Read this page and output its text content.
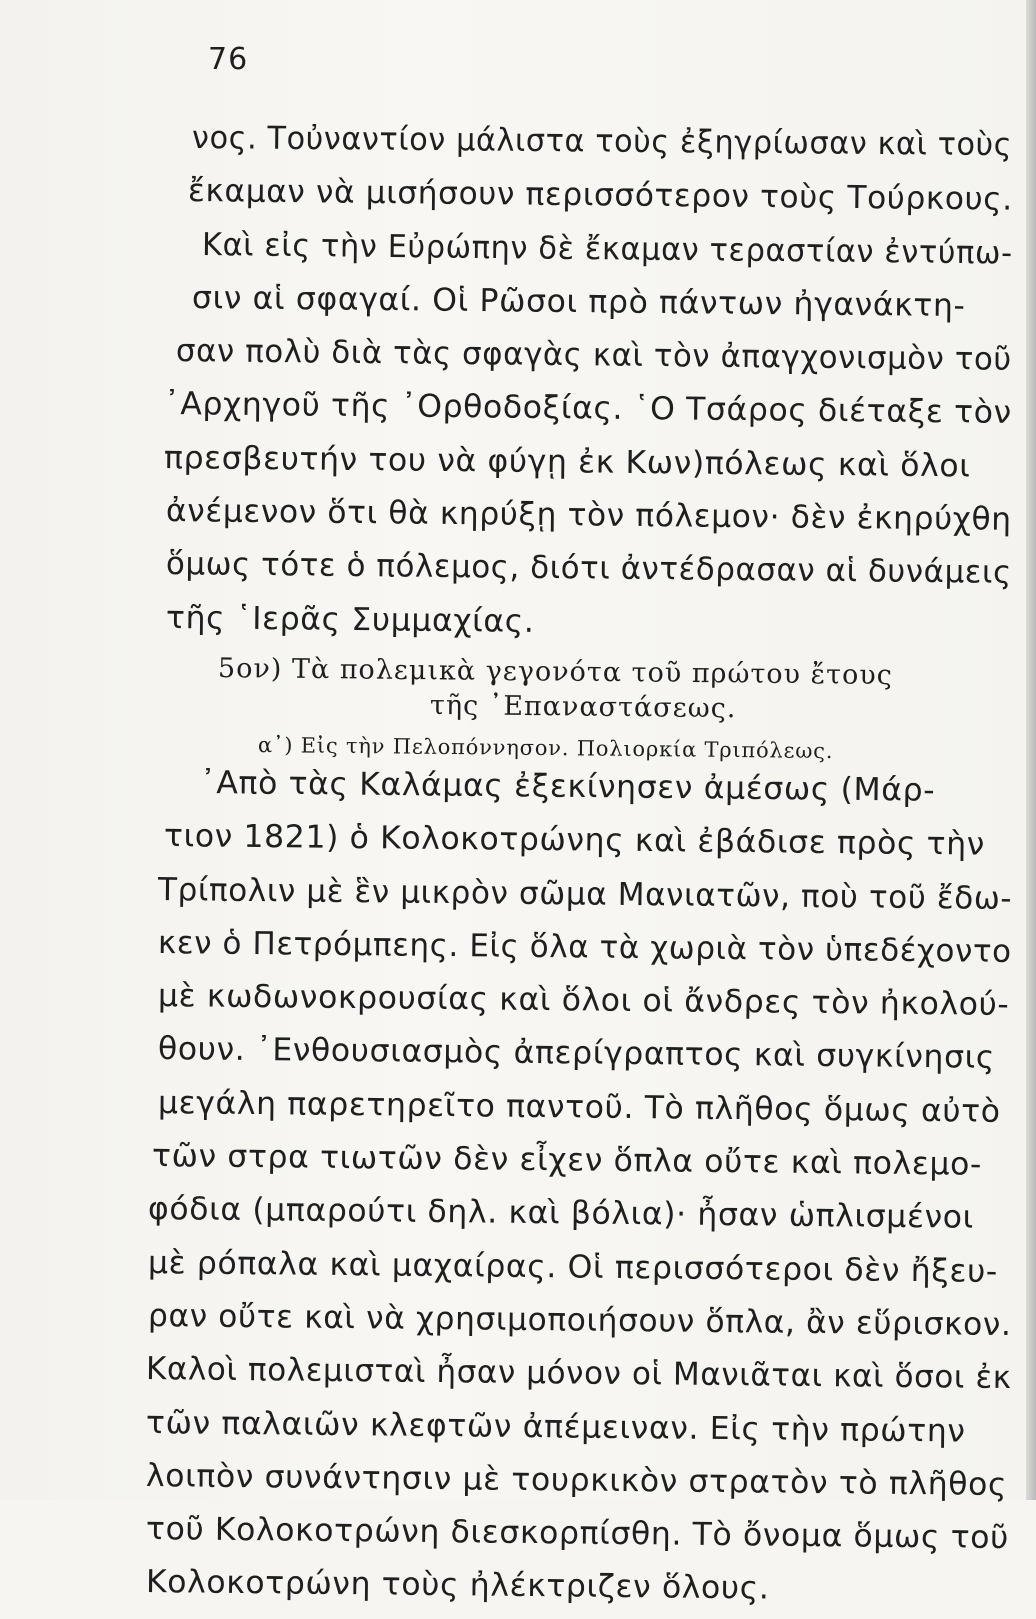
76
νος. Τοὐναντίον μάλιστα τοὺς ἐξηγρίωσαν καὶ τοὺς
ἔκαμαν νὰ μισήσουν περισσότερον τοὺς Τούρκους.
Καὶ εἰς τὴν Εὐρώπην δὲ ἔκαμαν τεραστίαν ἐντύπω-
σιν αἱ σφαγαί. Οἱ Ρῶσοι πρὸ πάντων ἠγανάκτη-
σαν πολὺ διὰ τὰς σφαγὰς καὶ τὸν ἀπαγχονισμὸν τοῦ
᾽Αρχηγοῦ τῆς ᾽Ορθοδοξίας. ῾Ο Τσάρος διέταξε τὸν
πρεσβευτήν του νὰ φύγῃ ἐκ Κων)πόλεως καὶ ὅλοι
ἀνέμενον ὅτι θὰ κηρύξῃ τὸν πόλεμον· δὲν ἐκηρύχθη
ὅμως τότε ὁ πόλεμος, διότι ἀντέδρασαν αἱ δυνάμεις
τῆς ῾Ιερᾶς Συμμαχίας.
5ον) Τὰ πολεμικὰ γεγονότα τοῦ πρώτου ἔτους
τῆς ᾽Επαναστάσεως.
α᾽) Εἰς τὴν Πελοπόννησον. Πολιορκία Τριπόλεως.
᾽Απὸ τὰς Καλάμας ἐξεκίνησεν ἀμέσως (Μάρ-
τιον 1821) ὁ Κολοκοτρώνης καὶ ἐβάδισε πρὸς τὴν
Τρίπολιν μὲ ἓν μικρὸν σῶμα Μανιατῶν, ποὺ τοῦ ἔδω-
κεν ὁ Πετρόμπεης. Εἰς ὅλα τὰ χωριὰ τὸν ὑπεδέχοντο
μὲ κωδωνοκρουσίας καὶ ὅλοι οἱ ἄνδρες τὸν ἠκολού-
θουν. ᾽Ενθουσιασμὸς ἀπερίγραπτος καὶ συγκίνησις
μεγάλη παρετηρεῖτο παντοῦ. Τὸ πλῆθος ὅμως αὐτὸ
τῶν στρα τιωτῶν δὲν εἶχεν ὅπλα οὔτε καὶ πολεμο-
φόδια (μπαρούτι δηλ. καὶ βόλια)· ἦσαν ὡπλισμένοι
μὲ ρόπαλα καὶ μαχαίρας. Οἱ περισσότεροι δὲν ἤξευ-
ραν οὔτε καὶ νὰ χρησιμοποιήσουν ὅπλα, ἂν εὕρισκον.
Καλοὶ πολεμισταὶ ἦσαν μόνον οἱ Μανιᾶται καὶ ὅσοι ἐκ
τῶν παλαιῶν κλεφτῶν ἀπέμειναν. Εἰς τὴν πρώτην
λοιπὸν συνάντησιν μὲ τουρκικὸν στρατὸν τὸ πλῆθος
τοῦ Κολοκοτρώνη διεσκορπίσθη. Τὸ ὄνομα ὅμως τοῦ
Κολοκοτρώνη τοὺς ἠλέκτριζεν ὅλους.
